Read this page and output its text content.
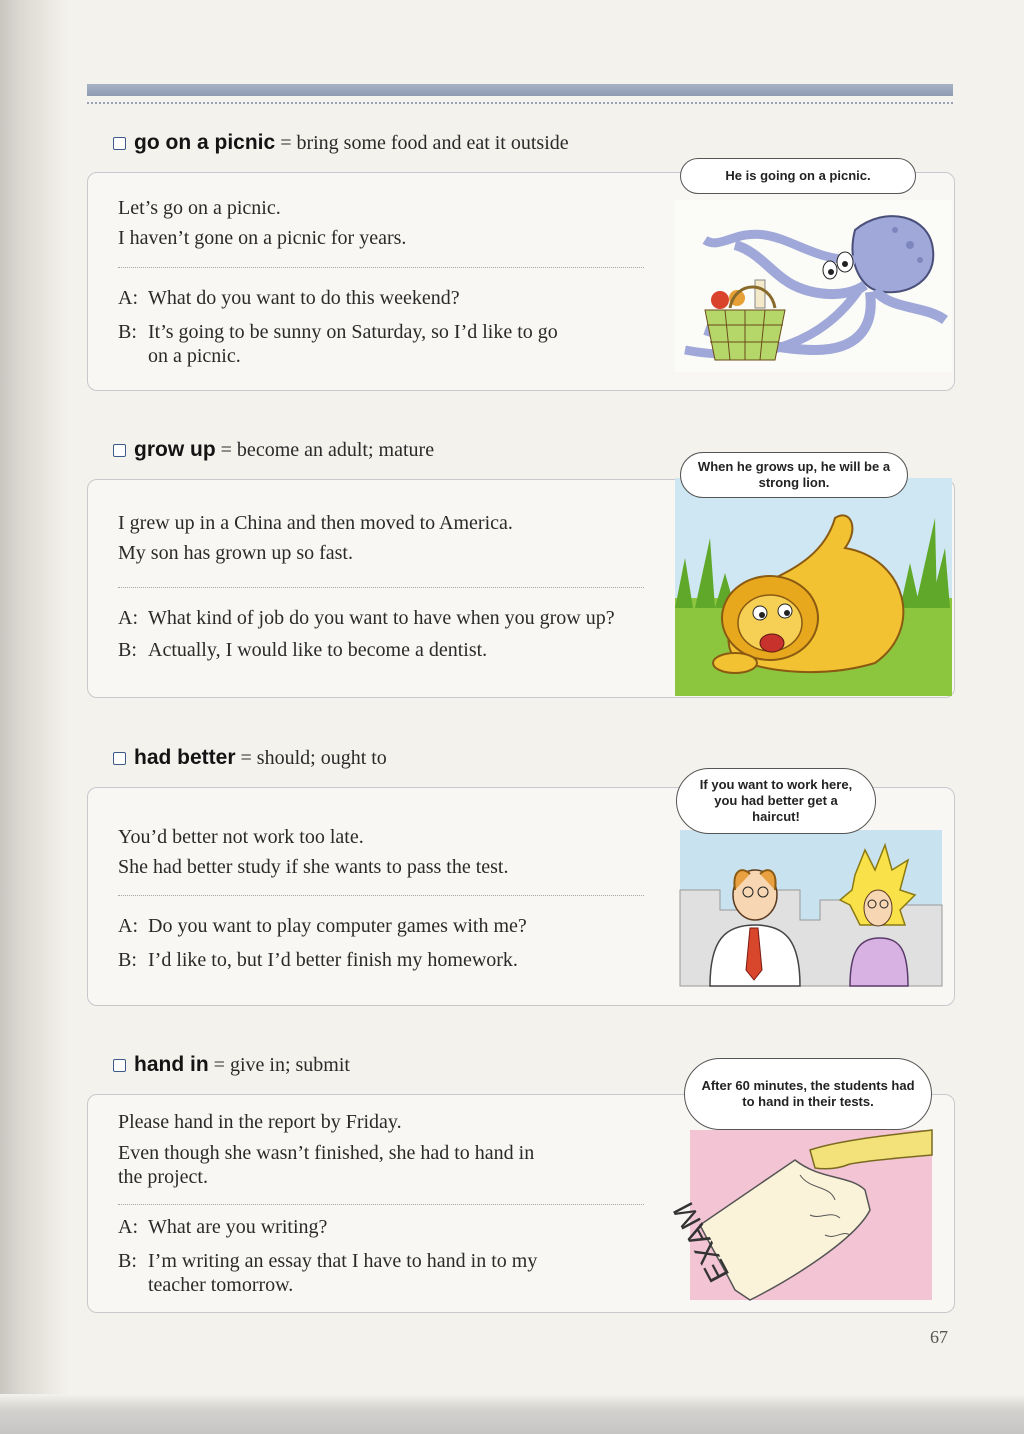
go on a picnic = bring some food and eat it outside
Let’s go on a picnic.
I haven’t gone on a picnic for years.
A: What do you want to do this weekend?
B: It’s going to be sunny on Saturday, so I’d like to go
on a picnic.
He is going on a picnic.
grow up = become an adult; mature
I grew up in a China and then moved to America.
My son has grown up so fast.
A: What kind of job do you want to have when you grow up?
B: Actually, I would like to become a dentist.
When he grows up, he will be a strong lion.
had better = should; ought to
You’d better not work too late.
She had better study if she wants to pass the test.
A: Do you want to play computer games with me?
B: I’d like to, but I’d better finish my homework.
If you want to work here, you had better get a haircut!
hand in = give in; submit
Please hand in the report by Friday.
Even though she wasn’t finished, she had to hand in
the project.
A: What are you writing?
B: I’m writing an essay that I have to hand in to my
teacher tomorrow.	EXAM
After 60 minutes, the students had to hand in their tests.
67
